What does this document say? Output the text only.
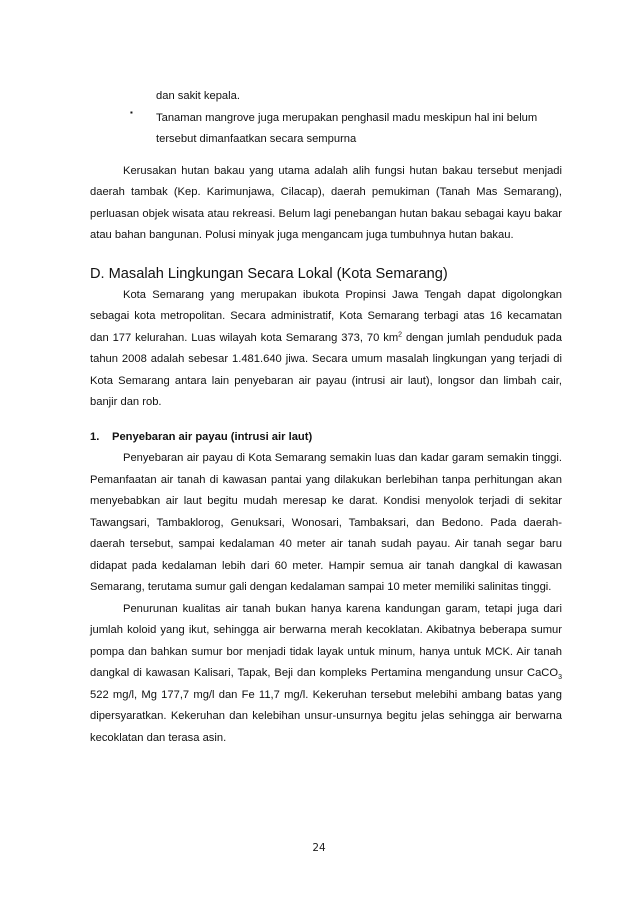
dan sakit kepala.

▪ Tanaman mangrove juga merupakan penghasil madu meskipun hal ini belum

tersebut dimanfaatkan secara sempurna

Kerusakan hutan bakau yang utama adalah alih fungsi hutan bakau tersebut menjadi daerah tambak (Kep. Karimunjawa, Cilacap), daerah pemukiman (Tanah Mas Semarang), perluasan objek wisata atau rekreasi. Belum lagi penebangan hutan bakau sebagai kayu bakar atau bahan bangunan. Polusi minyak juga mengancam juga tumbuhnya hutan bakau.

D. Masalah Lingkungan Secara Lokal (Kota Semarang)

Kota Semarang yang merupakan ibukota Propinsi Jawa Tengah dapat digolongkan sebagai kota metropolitan. Secara administratif, Kota Semarang terbagi atas 16 kecamatan dan 177 kelurahan. Luas wilayah kota Semarang 373, 70 $km^2$ dengan jumlah penduduk pada tahun 2008 adalah sebesar 1.481.640 jiwa. Secara umum masalah lingkungan yang terjadi di Kota Semarang antara lain penyebaran air payau (intrusi air laut), longsor dan limbah cair, banjir dan rob.

1. Penyebaran air payau (intrusi air laut)

Penyebaran air payau di Kota Semarang semakin luas dan kadar garam semakin tinggi. Pemanfaatan air tanah di kawasan pantai yang dilakukan berlebihan tanpa perhitungan akan menyebabkan air laut begitu mudah meresap ke darat. Kondisi menyolok terjadi di sekitar Tawangsari, Tambaklorog, Genuksari, Wonosari, Tambaksari, dan Bedono. Pada daerah-daerah tersebut, sampai kedalaman 40 meter air tanah sudah payau. Air tanah segar baru didapat pada kedalaman lebih dari 60 meter. Hampir semua air tanah dangkal di kawasan Semarang, terutama sumur gali dengan kedalaman sampai 10 meter memiliki salinitas tinggi.

Penurunan kualitas air tanah bukan hanya karena kandungan garam, tetapi juga dari jumlah koloid yang ikut, sehingga air berwarna merah kecoklatan. Akibatnya beberapa sumur pompa dan bahkan sumur bor menjadi tidak layak untuk minum, hanya untuk MCK. Air tanah dangkal di kawasan Kalisari, Tapak, Beji dan kompleks Pertamina mengandung unsur CaCO$_3$ 522 mg/l, Mg 177,7 mg/l dan Fe 11,7 mg/l. Kekeruhan tersebut melebihi ambang batas yang dipersyaratkan. Kekeruhan dan kelebihan unsur-unsurnya begitu jelas sehingga air berwarna kecoklatan dan terasa asin.

24
